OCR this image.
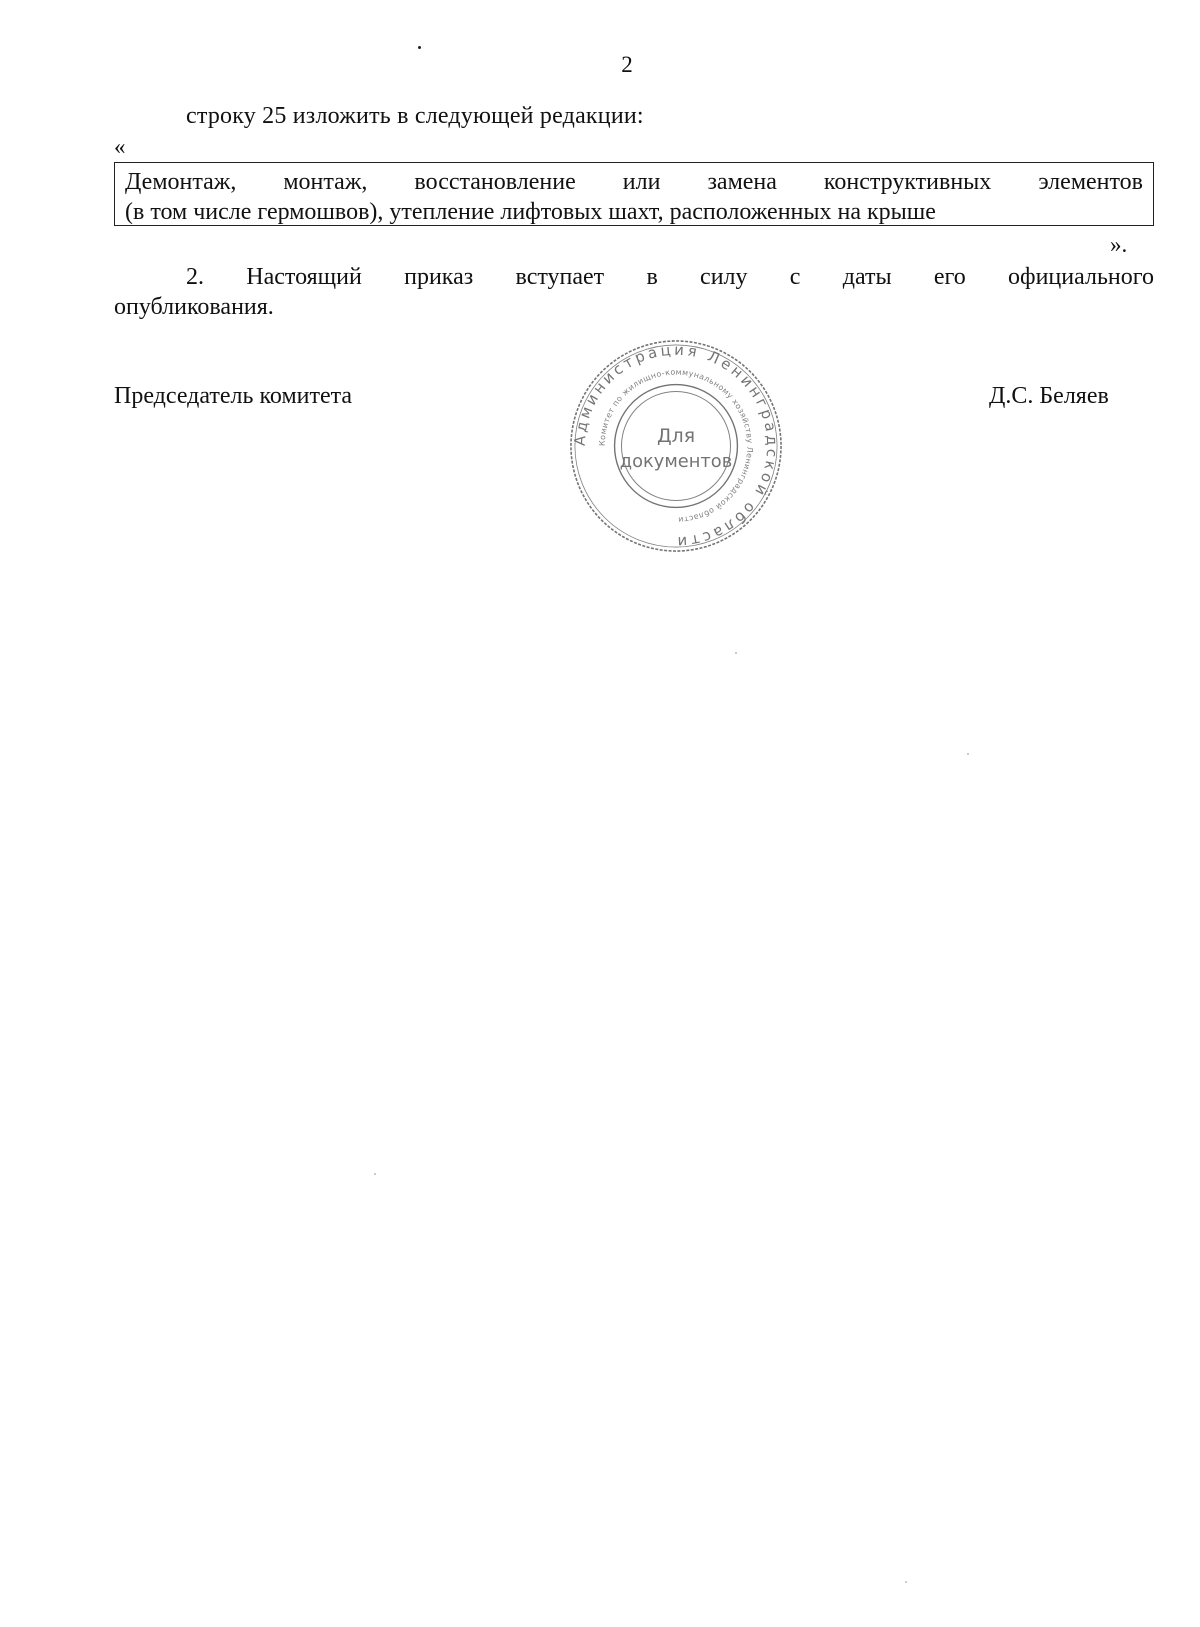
2
строку 25 изложить в следующей редакции:
«
Демонтаж, монтаж, восстановление или замена конструктивных элементов
(в том числе гермошвов), утепление лифтовых шахт, расположенных на крыше
».
2. Настоящий приказ вступает в силу с даты его официального
опубликования.
Председатель комитета	Д.С. Беляев
Администрация Ленинградской области
Комитет по жилищно-коммунальному хозяйству Ленинградской области
Для
документов
